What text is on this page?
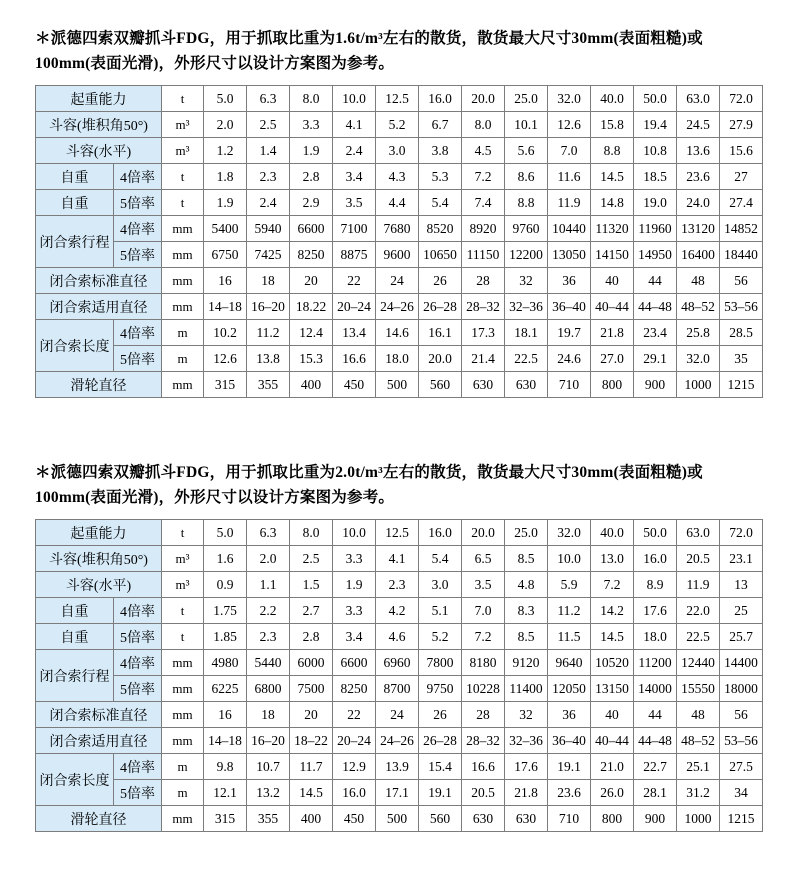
＊派德四索双瓣抓斗FDG，用于抓取比重为1.6t/m³左右的散货，散货最大尺寸30mm(表面粗糙)或100mm(表面光滑)，外形尺寸以设计方案图为参考。

起重能力		t	5.0	6.3	8.0	10.0	12.5	16.0	20.0	25.0	32.0	40.0	50.0	63.0	72.0
斗容(堆积角50°)		m³	2.0	2.5	3.3	4.1	5.2	6.7	8.0	10.1	12.6	15.8	19.4	24.5	27.9
斗容(水平)		m³	1.2	1.4	1.9	2.4	3.0	3.8	4.5	5.6	7.0	8.8	10.8	13.6	15.6
自重	4倍率	t	1.8	2.3	2.8	3.4	4.3	5.3	7.2	8.6	11.6	14.5	18.5	23.6	27
自重	5倍率	t	1.9	2.4	2.9	3.5	4.4	5.4	7.4	8.8	11.9	14.8	19.0	24.0	27.4
闭合索行程	4倍率	mm	5400	5940	6600	7100	7680	8520	8920	9760	10440	11320	11960	13120	14852
	5倍率	mm	6750	7425	8250	8875	9600	10650	11150	12200	13050	14150	14950	16400	18440
闭合索标准直径		mm	16	18	20	22	24	26	28	32	36	40	44	48	56
闭合索适用直径		mm	14–18	16–20	18.22	20–24	24–26	26–28	28–32	32–36	36–40	40–44	44–48	48–52	53–56
闭合索长度	4倍率	m	10.2	11.2	12.4	13.4	14.6	16.1	17.3	18.1	19.7	21.8	23.4	25.8	28.5
	5倍率	m	12.6	13.8	15.3	16.6	18.0	20.0	21.4	22.5	24.6	27.0	29.1	32.0	35
滑轮直径		mm	315	355	400	450	500	560	630	630	710	800	900	1000	1215

＊派德四索双瓣抓斗FDG，用于抓取比重为2.0t/m³左右的散货，散货最大尺寸30mm(表面粗糙)或100mm(表面光滑)，外形尺寸以设计方案图为参考。

起重能力		t	5.0	6.3	8.0	10.0	12.5	16.0	20.0	25.0	32.0	40.0	50.0	63.0	72.0
斗容(堆积角50°)		m³	1.6	2.0	2.5	3.3	4.1	5.4	6.5	8.5	10.0	13.0	16.0	20.5	23.1
斗容(水平)		m³	0.9	1.1	1.5	1.9	2.3	3.0	3.5	4.8	5.9	7.2	8.9	11.9	13
自重	4倍率	t	1.75	2.2	2.7	3.3	4.2	5.1	7.0	8.3	11.2	14.2	17.6	22.0	25
自重	5倍率	t	1.85	2.3	2.8	3.4	4.6	5.2	7.2	8.5	11.5	14.5	18.0	22.5	25.7
闭合索行程	4倍率	mm	4980	5440	6000	6600	6960	7800	8180	9120	9640	10520	11200	12440	14400
	5倍率	mm	6225	6800	7500	8250	8700	9750	10228	11400	12050	13150	14000	15550	18000
闭合索标准直径		mm	16	18	20	22	24	26	28	32	36	40	44	48	56
闭合索适用直径		mm	14–18	16–20	18–22	20–24	24–26	26–28	28–32	32–36	36–40	40–44	44–48	48–52	53–56
闭合索长度	4倍率	m	9.8	10.7	11.7	12.9	13.9	15.4	16.6	17.6	19.1	21.0	22.7	25.1	27.5
	5倍率	m	12.1	13.2	14.5	16.0	17.1	19.1	20.5	21.8	23.6	26.0	28.1	31.2	34
滑轮直径		mm	315	355	400	450	500	560	630	630	710	800	900	1000	1215
